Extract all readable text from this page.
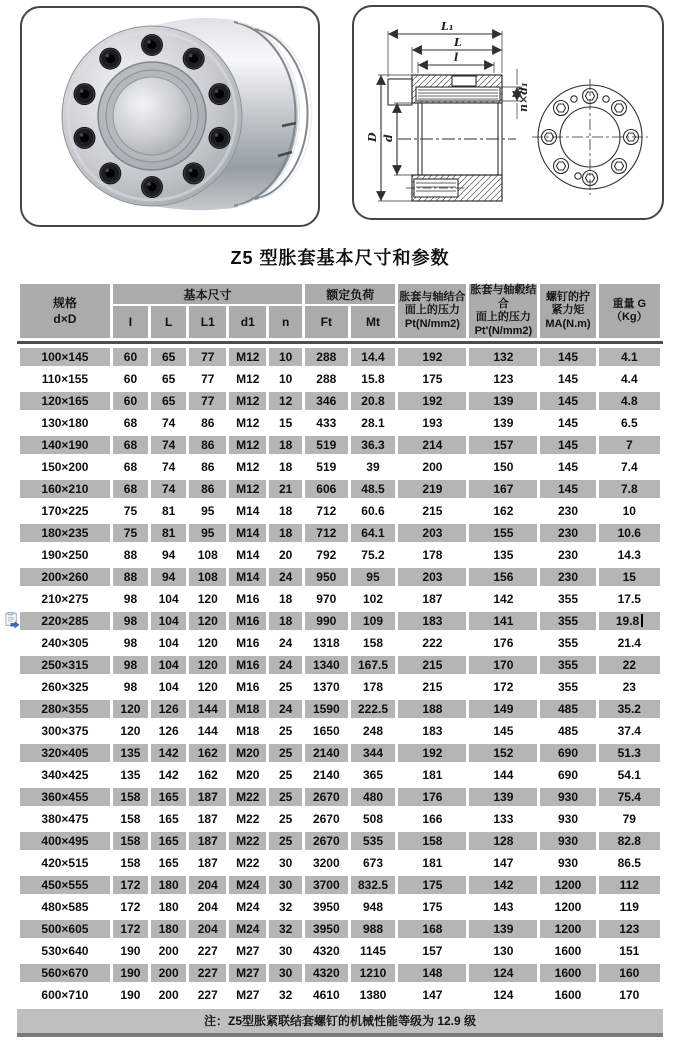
L₁
L
l
n×d₁
D d
Z5 型胀套基本尺寸和参数
规格
d×D
	基本尺寸	额定负荷	胀套与轴结合
面上的压力
Pt(N/mm2)

胀套与轴毂结合
面上的压力
Pt'(N/mm2)

螺钉的拧
紧力矩
MA(N.m)

重量 G
（Kg）

	I	L	L1	d1	n	Ft	Mt				
100×145	60	65	77	M12	10	288	14.4	192	132	145	4.1
110×155	60	65	77	M12	10	288	15.8	175	123	145	4.4
120×165	60	65	77	M12	12	346	20.8	192	139	145	4.8
130×180	68	74	86	M12	15	433	28.1	193	139	145	6.5
140×190	68	74	86	M12	18	519	36.3	214	157	145	7
150×200	68	74	86	M12	18	519	39	200	150	145	7.4
160×210	68	74	86	M12	21	606	48.5	219	167	145	7.8
170×225	75	81	95	M14	18	712	60.6	215	162	230	10
180×235	75	81	95	M14	18	712	64.1	203	155	230	10.6
190×250	88	94	108	M14	20	792	75.2	178	135	230	14.3
200×260	88	94	108	M14	24	950	95	203	156	230	15
210×275	98	104	120	M16	18	970	102	187	142	355	17.5
220×285	98	104	120	M16	18	990	109	183	141	355	19.8
240×305	98	104	120	M16	24	1318	158	222	176	355	21.4
250×315	98	104	120	M16	24	1340	167.5	215	170	355	22
260×325	98	104	120	M16	25	1370	178	215	172	355	23
280×355	120	126	144	M18	24	1590	222.5	188	149	485	35.2
300×375	120	126	144	M18	25	1650	248	183	145	485	37.4
320×405	135	142	162	M20	25	2140	344	192	152	690	51.3
340×425	135	142	162	M20	25	2140	365	181	144	690	54.1
360×455	158	165	187	M22	25	2670	480	176	139	930	75.4
380×475	158	165	187	M22	25	2670	508	166	133	930	79
400×495	158	165	187	M22	25	2670	535	158	128	930	82.8
420×515	158	165	187	M22	30	3200	673	181	147	930	86.5
450×555	172	180	204	M24	30	3700	832.5	175	142	1200	112
480×585	172	180	204	M24	32	3950	948	175	143	1200	119
500×605	172	180	204	M24	32	3950	988	168	139	1200	123
530×640	190	200	227	M27	30	4320	1145	157	130	1600	151
560×670	190	200	227	M27	30	4320	1210	148	124	1600	160
600×710	190	200	227	M27	32	4610	1380	147	124	1600	170
注：Z5型胀紧联结套螺钉的机械性能等级为 12.9 级
